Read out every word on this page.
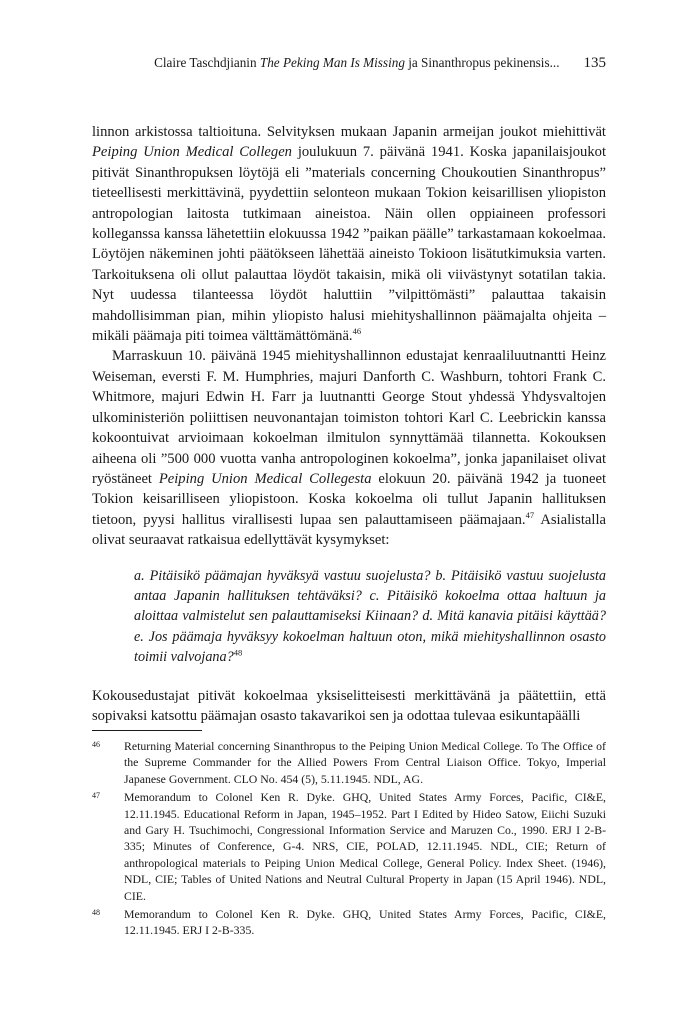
Claire Taschdjianin The Peking Man Is Missing ja Sinanthropus pekinensis... 135

linnon arkistossa taltioituna. Selvityksen mukaan Japanin armeijan joukot miehittivät Peiping Union Medical Collegen joulukuun 7. päivänä 1941. Koska japanilaisjoukot pitivät Sinanthropuksen löytöjä eli ”materials concerning Choukoutien Sinanthropus” tieteellisesti merkittävinä, pyydettiin selonteon mukaan Tokion keisarillisen yliopiston antropologian laitosta tutkimaan aineistoa. Näin ollen oppiaineen professori kolleganssa kanssa lähetettiin elokuussa 1942 ”paikan päälle” tarkastamaan kokoelmaa. Löytöjen näkeminen johti päätökseen lähettää aineisto Tokioon lisätutkimuksia varten. Tarkoituksena oli ollut palauttaa löydöt takaisin, mikä oli viivästynyt sotatilan takia. Nyt uudessa tilanteessa löydöt haluttiin ”vilpittömästi” palauttaa takaisin mahdollisimman pian, mihin yliopisto halusi miehityshallinnon päämajalta ohjeita – mikäli päämaja piti toimea välttämättömänä.$^{46}$

Marraskuun 10. päivänä 1945 miehityshallinnon edustajat kenraaliluutnantti Heinz Weiseman, eversti F. M. Humphries, majuri Danforth C. Washburn, tohtori Frank C. Whitmore, majuri Edwin H. Farr ja luutnantti George Stout yhdessä Yhdysvaltojen ulkoministeriön poliittisen neuvonantajan toimiston tohtori Karl C. Leebrickin kanssa kokoontuivat arvioimaan kokoelman ilmitulon synnyttämää tilannetta. Kokouksen aiheena oli ”500 000 vuotta vanha antropologinen kokoelma”, jonka japanilaiset olivat ryöstäneet Peiping Union Medical Collegesta elokuun 20. päivänä 1942 ja tuoneet Tokion keisarilliseen yliopistoon. Koska kokoelma oli tullut Japanin hallituksen tietoon, pyysi hallitus virallisesti lupaa sen palauttamiseen päämajaan.$^{47}$ Asialistalla olivat seuraavat ratkaisua edellyttävät kysymykset:

a. Pitäisikö päämajan hyväksyä vastuu suojelusta? b. Pitäisikö vastuu suojelusta antaa Japanin hallituksen tehtäväksi? c. Pitäisikö kokoelma ottaa haltuun ja aloittaa valmistelut sen palauttamiseksi Kiinaan? d. Mitä kanavia pitäisi käyttää? e. Jos päämaja hyväksyy kokoelman haltuun oton, mikä miehityshallinnon osasto toimii valvojana?$^{48}$

Kokousedustajat pitivät kokoelmaa yksiselitteisesti merkittävänä ja päätettiin, että sopivaksi katsottu päämajan osasto takavarikoi sen ja odottaa tulevaa esikuntapäälli

46 Returning Material concerning Sinanthropus to the Peiping Union Medical College. To The Office of the Supreme Commander for the Allied Powers From Central Liaison Office. Tokyo, Imperial Japanese Government. CLO No. 454 (5), 5.11.1945. NDL, AG.
47 Memorandum to Colonel Ken R. Dyke. GHQ, United States Army Forces, Pacific, CI&E, 12.11.1945. Educational Reform in Japan, 1945–1952. Part I Edited by Hideo Satow, Eiichi Suzuki and Gary H. Tsuchimochi, Congressional Information Service and Maruzen Co., 1990. ERJ I 2-B-335; Minutes of Conference, G-4. NRS, CIE, POLAD, 12.11.1945. NDL, CIE; Return of anthropological materials to Peiping Union Medical College, General Policy. Index Sheet. (1946), NDL, CIE; Tables of United Nations and Neutral Cultural Property in Japan (15 April 1946). NDL, CIE.
48 Memorandum to Colonel Ken R. Dyke. GHQ, United States Army Forces, Pacific, CI&E, 12.11.1945. ERJ I 2-B-335.
